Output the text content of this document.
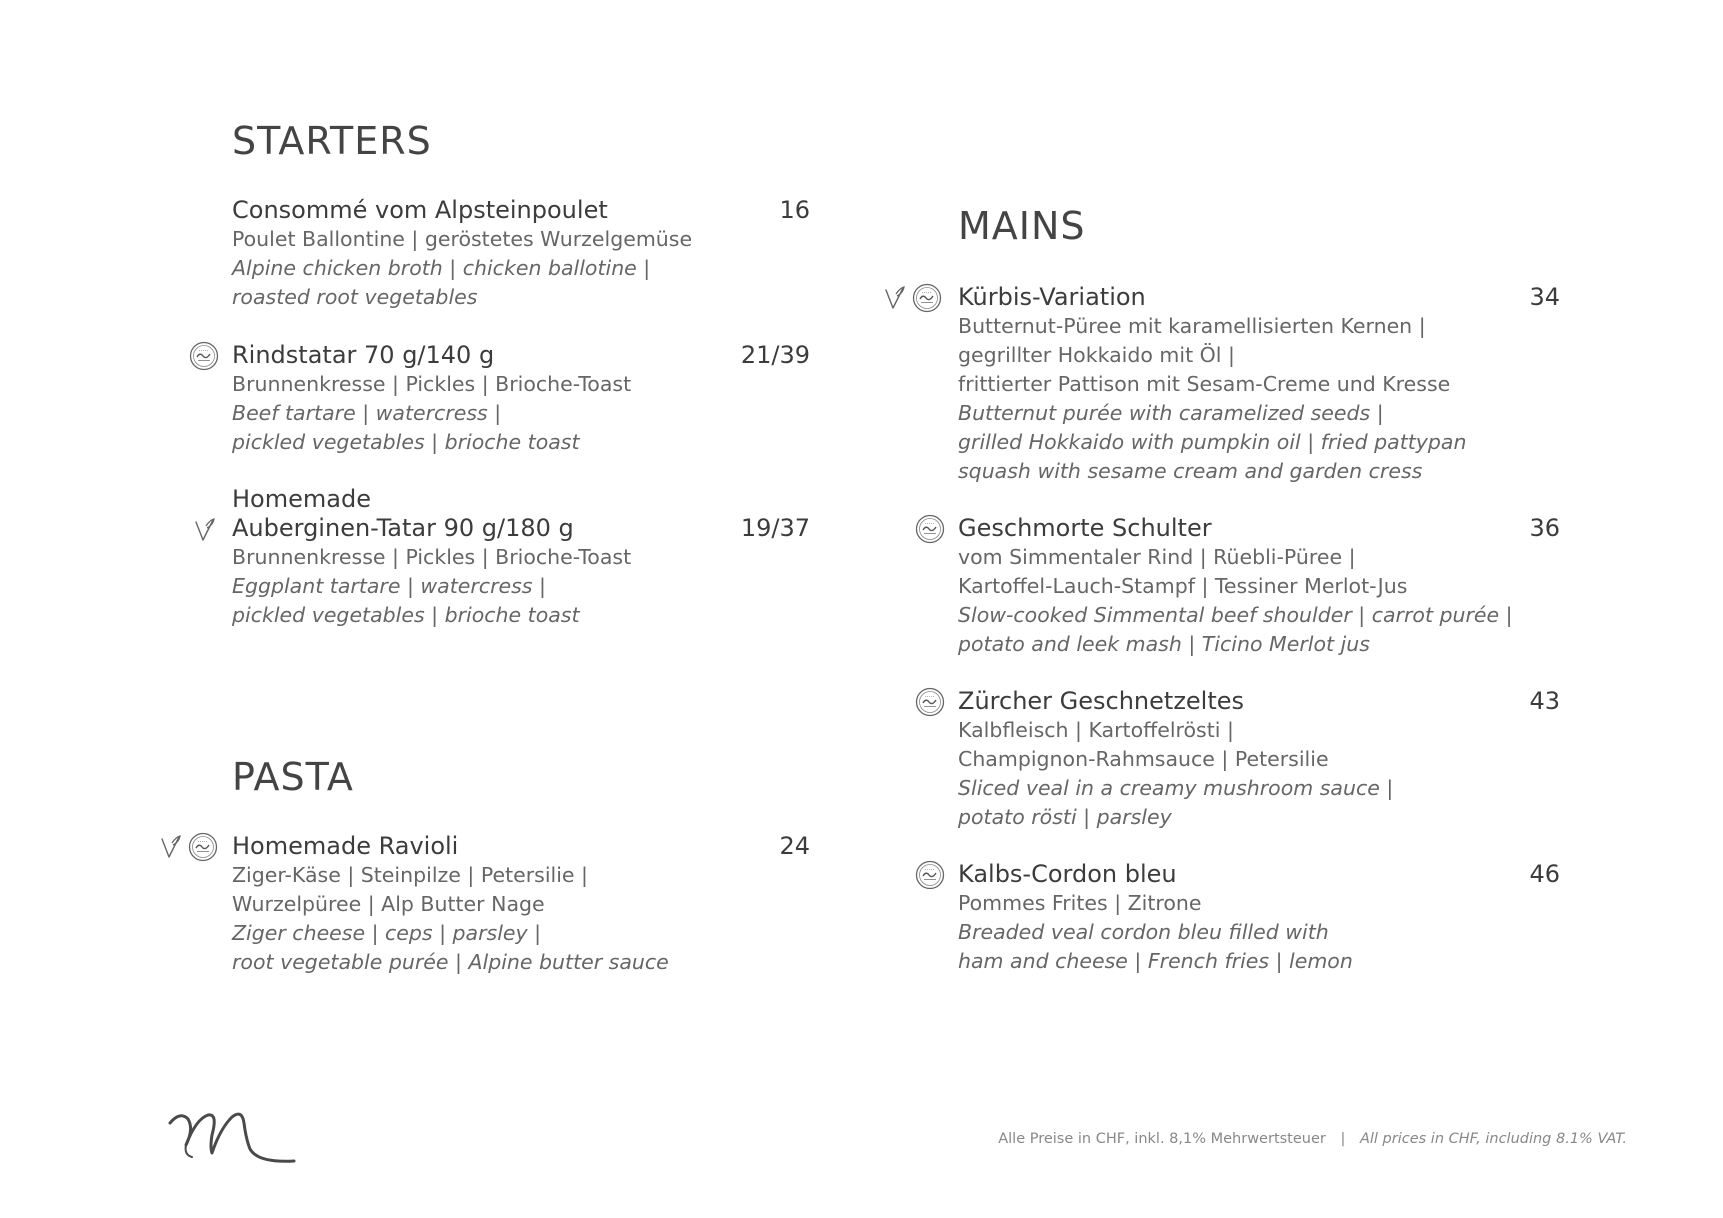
STARTERS
Consommé vom Alpsteinpoulet	16
Poulet Ballontine | geröstetes Wurzelgemüse
Alpine chicken broth | chicken ballotine |
roasted root vegetables
Rindstatar 70 g/140 g	21/39
Brunnenkresse | Pickles | Brioche-Toast
Beef tartare | watercress |
pickled vegetables | brioche toast
Homemade
Auberginen-Tatar 90 g/180 g	19/37
Brunnenkresse | Pickles | Brioche-Toast
Eggplant tartare | watercress |
pickled vegetables | brioche toast
PASTA
Homemade Ravioli	24
Ziger-Käse | Steinpilze | Petersilie |
Wurzelpüree | Alp Butter Nage
Ziger cheese | ceps | parsley |
root vegetable purée | Alpine butter sauce
MAINS
Kürbis-Variation	34
Butternut-Püree mit karamellisierten Kernen |
gegrillter Hokkaido mit Öl |
frittierter Pattison mit Sesam-Creme und Kresse
Butternut purée with caramelized seeds |
grilled Hokkaido with pumpkin oil | fried pattypan
squash with sesame cream and garden cress
Geschmorte Schulter	36
vom Simmentaler Rind | Rüebli-Püree |
Kartoffel-Lauch-Stampf | Tessiner Merlot-Jus
Slow-cooked Simmental beef shoulder | carrot purée |
potato and leek mash | Ticino Merlot jus
Zürcher Geschnetzeltes	43
Kalbfleisch | Kartoffelrösti |
Champignon-Rahmsauce | Petersilie
Sliced veal in a creamy mushroom sauce |
potato rösti | parsley
Kalbs-Cordon bleu	46
Pommes Frites | Zitrone
Breaded veal cordon bleu filled with
ham and cheese | French fries | lemon
Alle Preise in CHF, inkl. 8,1% Mehrwertsteuer | All prices in CHF, including 8.1% VAT.
